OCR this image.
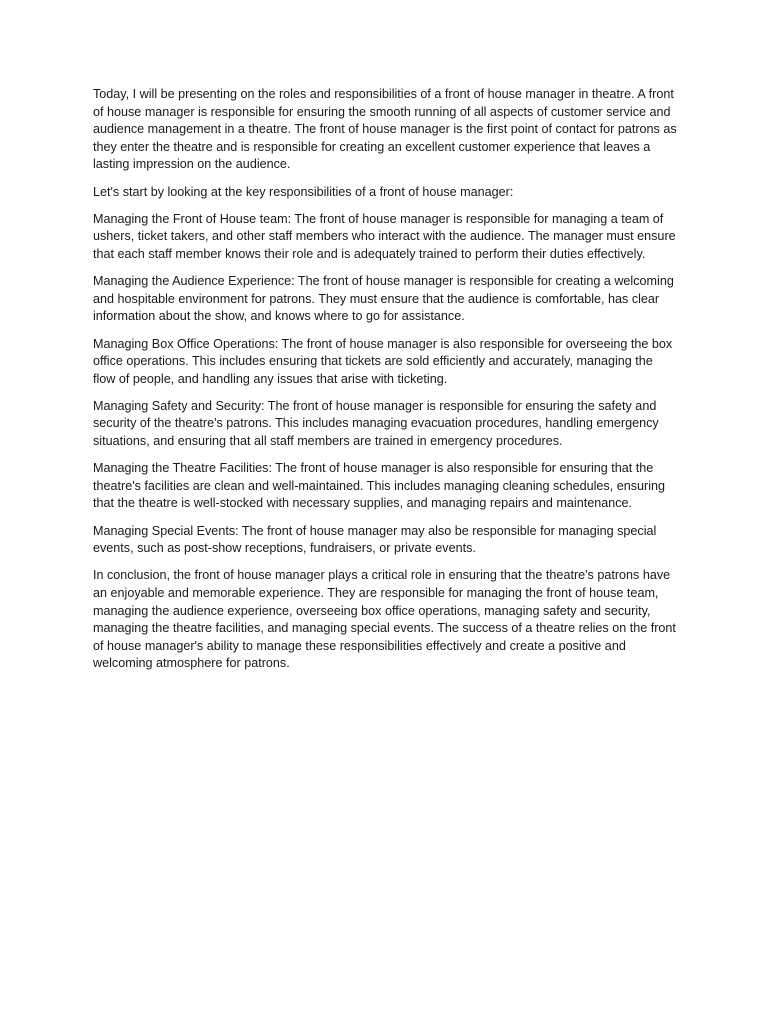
Today, I will be presenting on the roles and responsibilities of a front of house manager in theatre. A front of house manager is responsible for ensuring the smooth running of all aspects of customer service and audience management in a theatre. The front of house manager is the first point of contact for patrons as they enter the theatre and is responsible for creating an excellent customer experience that leaves a lasting impression on the audience.

Let's start by looking at the key responsibilities of a front of house manager:

Managing the Front of House team: The front of house manager is responsible for managing a team of ushers, ticket takers, and other staff members who interact with the audience. The manager must ensure that each staff member knows their role and is adequately trained to perform their duties effectively.

Managing the Audience Experience: The front of house manager is responsible for creating a welcoming and hospitable environment for patrons. They must ensure that the audience is comfortable, has clear information about the show, and knows where to go for assistance.

Managing Box Office Operations: The front of house manager is also responsible for overseeing the box office operations. This includes ensuring that tickets are sold efficiently and accurately, managing the flow of people, and handling any issues that arise with ticketing.

Managing Safety and Security: The front of house manager is responsible for ensuring the safety and security of the theatre's patrons. This includes managing evacuation procedures, handling emergency situations, and ensuring that all staff members are trained in emergency procedures.

Managing the Theatre Facilities: The front of house manager is also responsible for ensuring that the theatre's facilities are clean and well-maintained. This includes managing cleaning schedules, ensuring that the theatre is well-stocked with necessary supplies, and managing repairs and maintenance.

Managing Special Events: The front of house manager may also be responsible for managing special events, such as post-show receptions, fundraisers, or private events.

In conclusion, the front of house manager plays a critical role in ensuring that the theatre's patrons have an enjoyable and memorable experience. They are responsible for managing the front of house team, managing the audience experience, overseeing box office operations, managing safety and security, managing the theatre facilities, and managing special events. The success of a theatre relies on the front of house manager's ability to manage these responsibilities effectively and create a positive and welcoming atmosphere for patrons.
